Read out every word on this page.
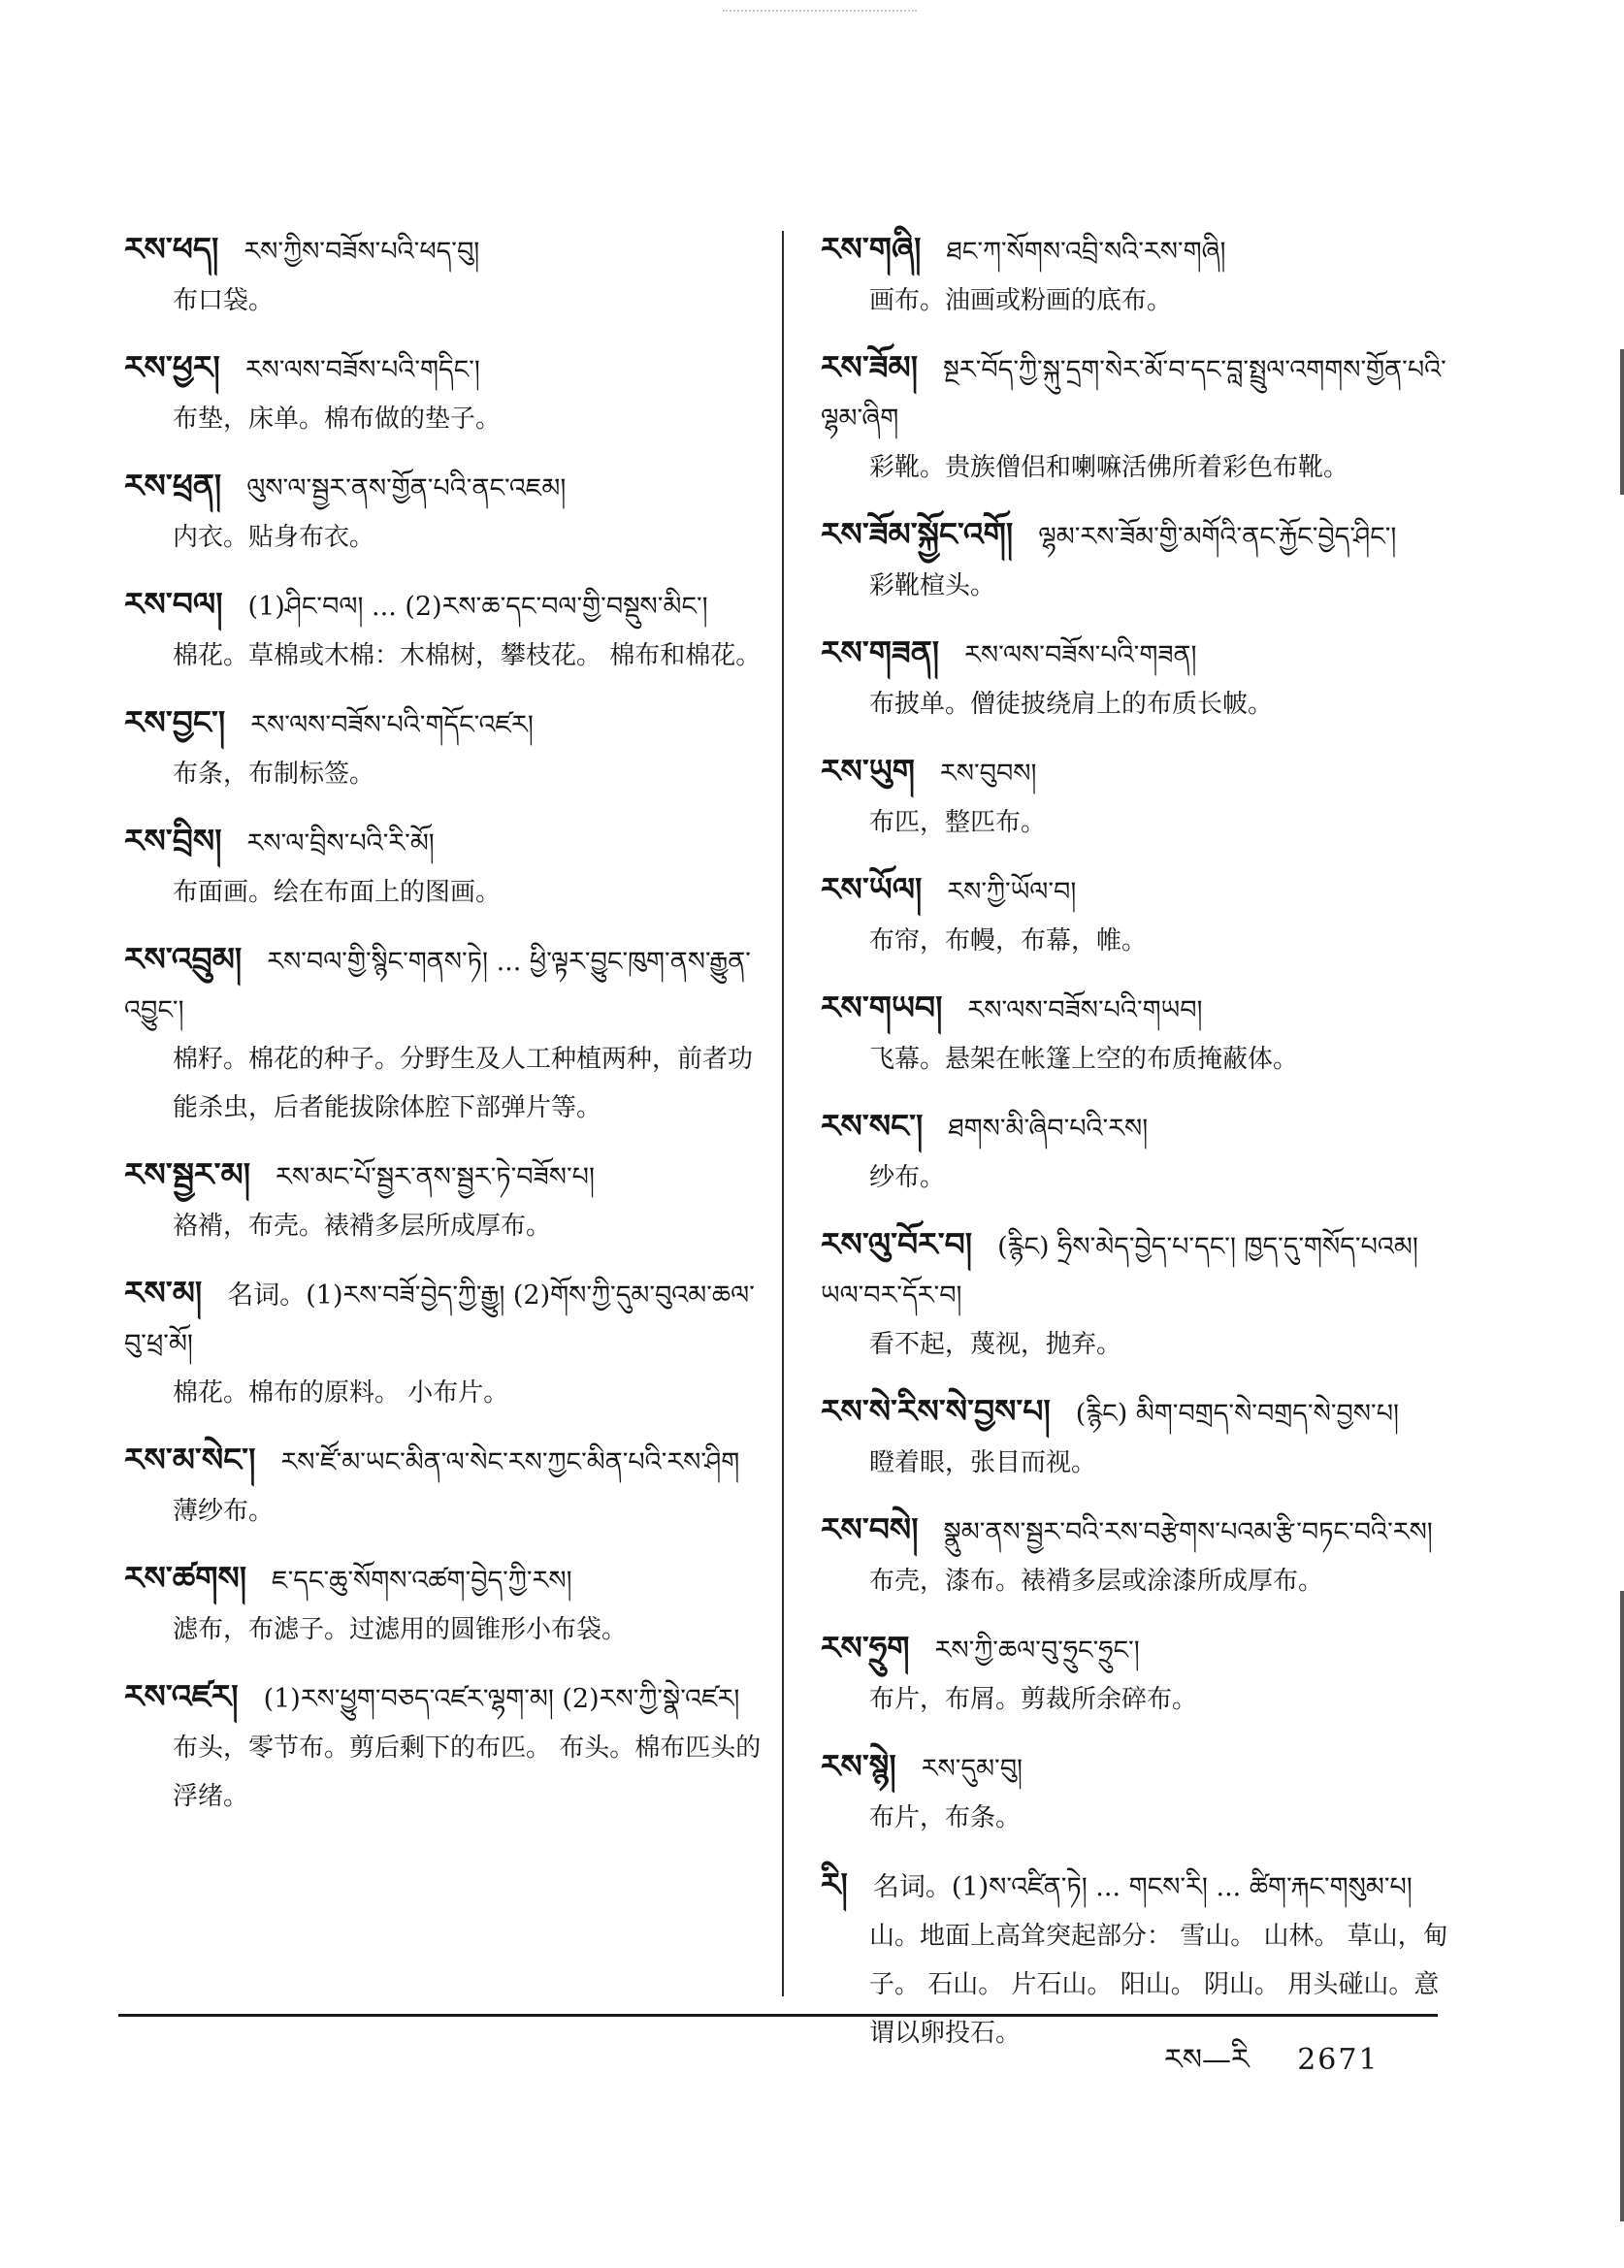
རས་ཕད། རས་ཀྱིས་བཟོས་པའི་ཕད་བུ།
布口袋。
རས་ཕྱར། རས་ལས་བཟོས་པའི་གདིང་།
布垫，床单。棉布做的垫子。
རས་ཕྲན། ལུས་ལ་སྦྱར་ནས་གྱོན་པའི་ནང་འཇམ།
内衣。贴身布衣。
རས་བལ། (1)ཤིང་བལ། ... (2)རས་ཆ་དང་བལ་གྱི་བསྡུས་མིང་།
棉花。草棉或木棉：木棉树，攀枝花。 棉布和棉花。
རས་བྱང་། རས་ལས་བཟོས་པའི་གདོང་འཛར།
布条，布制标签。
རས་བྲིས། རས་ལ་བྲིས་པའི་རི་མོ།
布面画。绘在布面上的图画。
རས་འབྲུམ། རས་བལ་གྱི་སྙིང་གནས་ཏེ། ... ཕྱི་ལྟར་བྱུང་ཁུག་ནས་རྒྱུན་འབྱུང་།
棉籽。棉花的种子。分野生及人工种植两种，前者功能杀虫，后者能拔除体腔下部弹片等。
རས་སྦྱར་མ། རས་མང་པོ་སྦྱར་ནས་སྦྱར་ཏེ་བཟོས་པ།
袼褙，布壳。裱褙多层所成厚布。
རས་མ། 名词。(1)རས་བཟོ་བྱེད་ཀྱི་རྒྱུ། (2)གོས་ཀྱི་དུམ་བུའམ་ཆལ་བུ་ཕྲ་མོ།
棉花。棉布的原料。 小布片。
རས་མ་སེང་། རས་ཛོ་མ་ཡང་མིན་ལ་སེང་རས་ཀྱང་མིན་པའི་རས་ཤིག
薄纱布。
རས་ཚགས། ཇ་དང་ཆུ་སོགས་འཚག་བྱེད་ཀྱི་རས།
滤布，布滤子。过滤用的圆锥形小布袋。
རས་འཛར། (1)རས་ཕྱུག་བཅད་འཛར་ལྷག་མ། (2)རས་ཀྱི་སྣེ་འཛར།
布头，零节布。剪后剩下的布匹。 布头。棉布匹头的浮绪。
རས་གཞི། ཐང་ཀ་སོགས་འབྲི་སའི་རས་གཞི།
画布。油画或粉画的底布。
རས་ཟོམ། སྔར་བོད་ཀྱི་སྐུ་དྲག་སེར་མོ་བ་དང་བླ་སྤྲུལ་འགགས་གྱོན་པའི་ལྷམ་ཞིག
彩靴。贵族僧侣和喇嘛活佛所着彩色布靴。
རས་ཟོམ་སྐྱོང་འགོ། ལྷམ་རས་ཟོམ་གྱི་མགོའི་ནང་རྐྱོང་བྱེད་ཤིང་།
彩靴楦头。
རས་གཟན། རས་ལས་བཟོས་པའི་གཟན།
布披单。僧徒披绕肩上的布质长帔。
རས་ཡུག རས་བུབས།
布匹，整匹布。
རས་ཡོལ། རས་ཀྱི་ཡོལ་བ།
布帘，布幔，布幕，帷。
རས་གཡབ། རས་ལས་བཟོས་པའི་གཡབ།
飞幕。悬架在帐篷上空的布质掩蔽体。
རས་སང་། ཐགས་མི་ཞིབ་པའི་རས།
纱布。
རས་ལུ་བོར་བ། (རྙིང) ཧྲིས་མེད་བྱེད་པ་དང་། ཁྱད་དུ་གསོད་པའམ། ཡལ་བར་དོར་བ།
看不起，蔑视，抛弃。
རས་སེ་རིས་སེ་བྱས་པ། (རྙིང) མིག་བགྲད་སེ་བགྲད་སེ་བྱས་པ།
瞪着眼，张目而视。
རས་བསེ། སྣུམ་ནས་སྦྱར་བའི་རས་བརྩེགས་པའམ་རྩི་བཏང་བའི་རས།
布壳，漆布。裱褙多层或涂漆所成厚布。
རས་ཧྲུག རས་ཀྱི་ཆལ་བུ་ཧྲུང་ཧྲུང་།
布片，布屑。剪裁所余碎布。
རས་སྙེ། རས་དུམ་བུ།
布片，布条。
རི། 名词。(1)ས་འཛིན་ཏེ། ... གངས་རི། ... ཚིག་རྐང་གསུམ་པ།
山。地面上高耸突起部分： 雪山。 山林。 草山，甸子。 石山。 片石山。 阳山。 阴山。 用头碰山。意谓以卵投石。
རས—རི 2671
